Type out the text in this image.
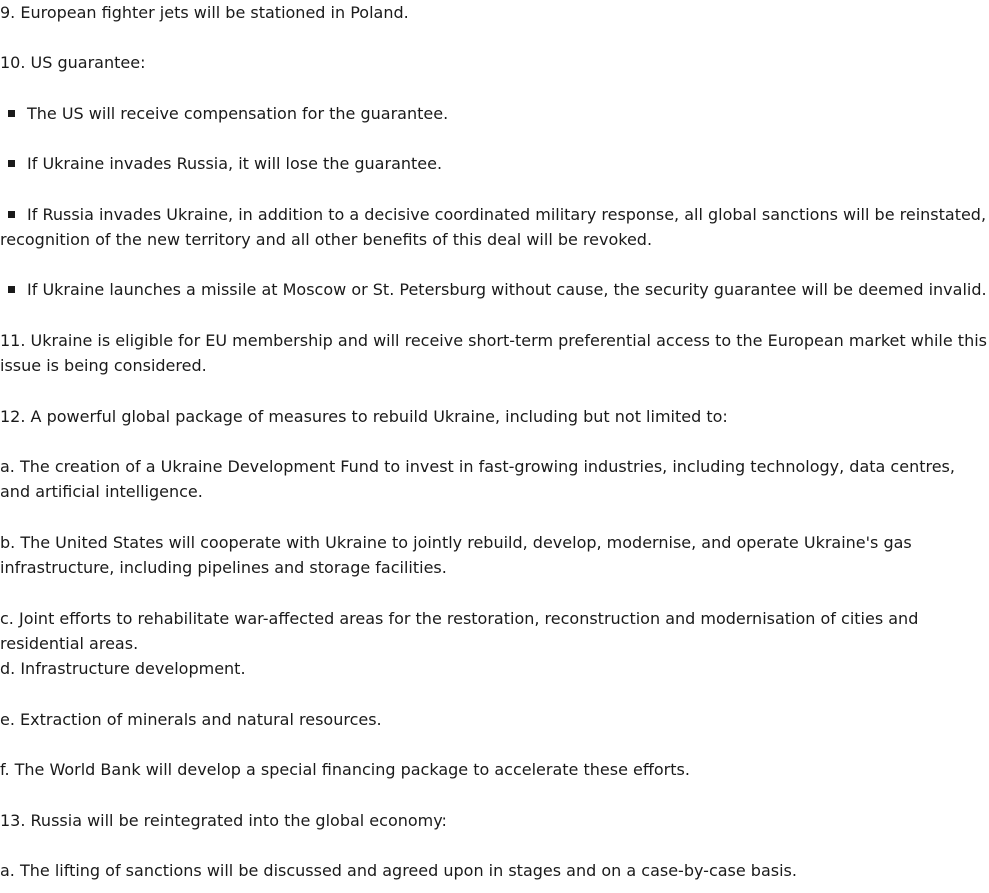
9. European fighter jets will be stationed in Poland.

10. US guarantee:

The US will receive compensation for the guarantee.

If Ukraine invades Russia, it will lose the guarantee.

If Russia invades Ukraine, in addition to a decisive coordinated military response, all global sanctions will be reinstated, recognition of the new territory and all other benefits of this deal will be revoked.

If Ukraine launches a missile at Moscow or St. Petersburg without cause, the security guarantee will be deemed invalid.

11. Ukraine is eligible for EU membership and will receive short-term preferential access to the European market while this issue is being considered.

12. A powerful global package of measures to rebuild Ukraine, including but not limited to:

a. The creation of a Ukraine Development Fund to invest in fast-growing industries, including technology, data centres, and artificial intelligence.

b. The United States will cooperate with Ukraine to jointly rebuild, develop, modernise, and operate Ukraine's gas infrastructure, including pipelines and storage facilities.

c. Joint efforts to rehabilitate war-affected areas for the restoration, reconstruction and modernisation of cities and residential areas.

d. Infrastructure development.

e. Extraction of minerals and natural resources.

f. The World Bank will develop a special financing package to accelerate these efforts.

13. Russia will be reintegrated into the global economy:

a. The lifting of sanctions will be discussed and agreed upon in stages and on a case-by-case basis.
